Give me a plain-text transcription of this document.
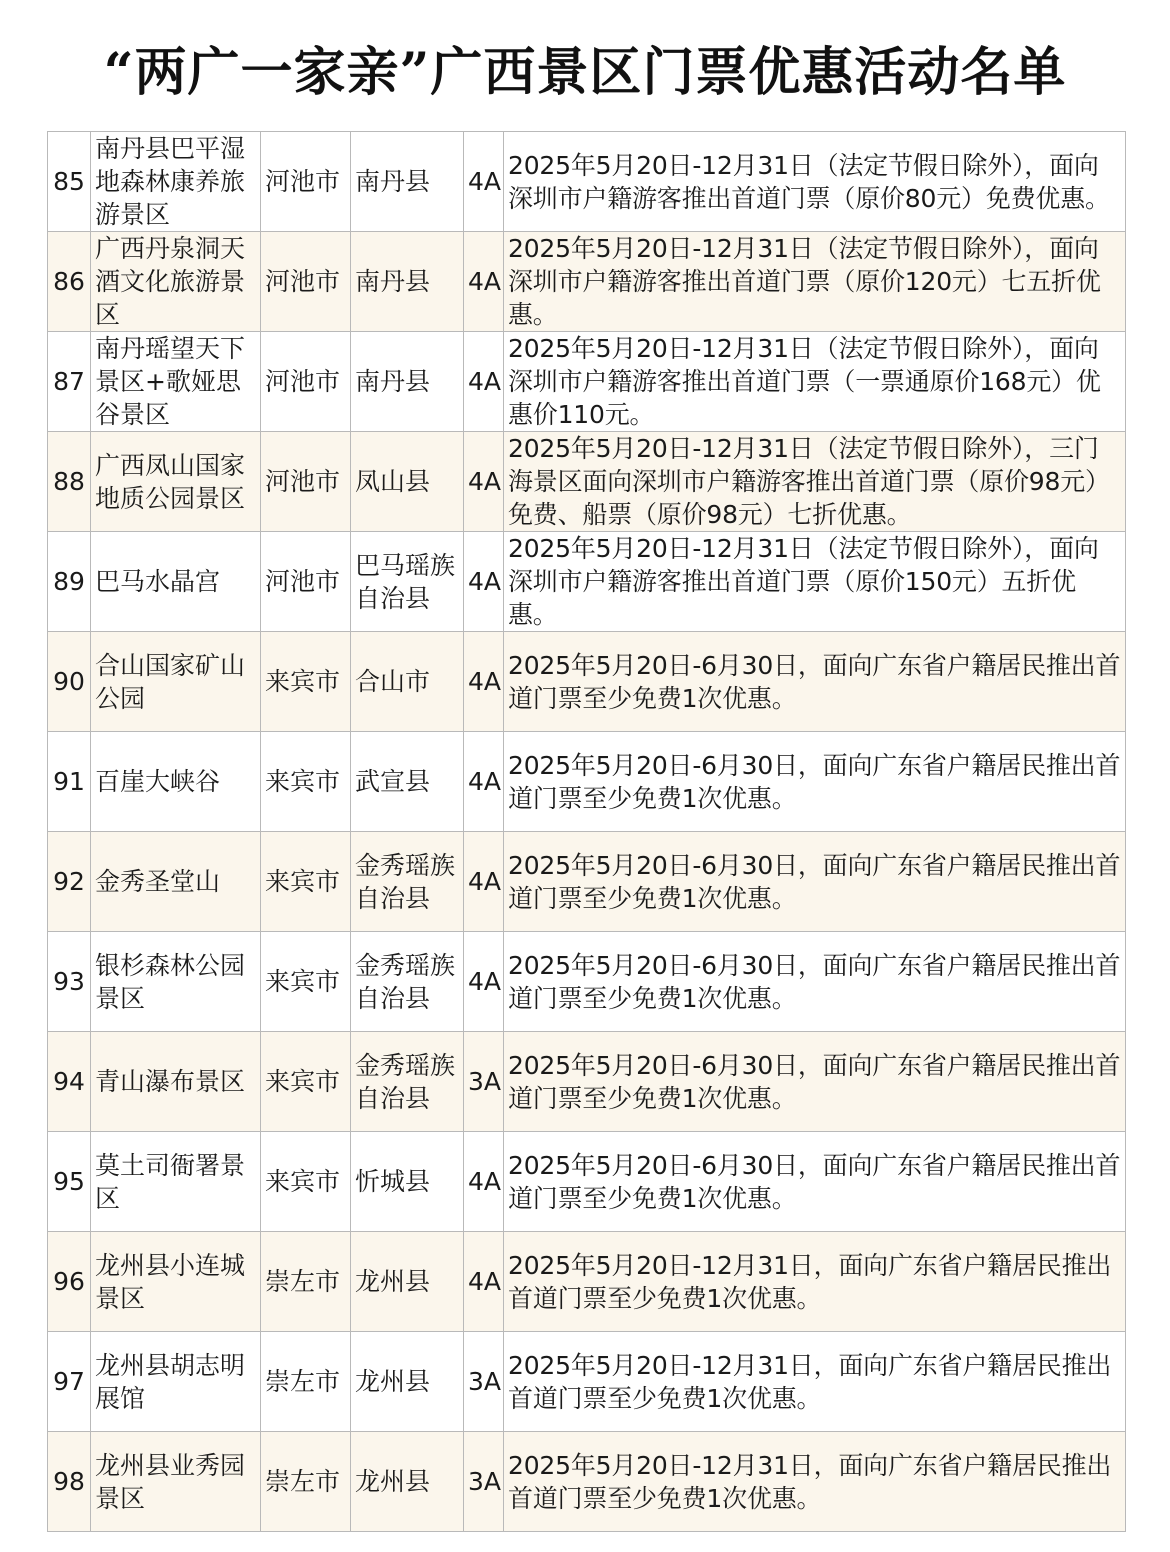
“两广一家亲”广西景区门票优惠活动名单
85	南丹县巴平湿地森林康养旅游景区	河池市	南丹县	4A	2025年5月20日-12月31日（法定节假日除外），面向深圳市户籍游客推出首道门票（原价80元）免费优惠。
86	广西丹泉洞天酒文化旅游景区	河池市	南丹县	4A	2025年5月20日-12月31日（法定节假日除外），面向深圳市户籍游客推出首道门票（原价120元）七五折优惠。
87	南丹瑶望天下景区+歌娅思谷景区	河池市	南丹县	4A	2025年5月20日-12月31日（法定节假日除外），面向深圳市户籍游客推出首道门票（一票通原价168元）优惠价110元。
88	广西凤山国家地质公园景区	河池市	凤山县	4A	2025年5月20日-12月31日（法定节假日除外），三门海景区面向深圳市户籍游客推出首道门票（原价98元）免费、船票（原价98元）七折优惠。
89	巴马水晶宫	河池市	巴马瑶族自治县	4A	2025年5月20日-12月31日（法定节假日除外），面向深圳市户籍游客推出首道门票（原价150元）五折优惠。
90	合山国家矿山公园	来宾市	合山市	4A	2025年5月20日-6月30日，面向广东省户籍居民推出首道门票至少免费1次优惠。
91	百崖大峡谷	来宾市	武宣县	4A	2025年5月20日-6月30日，面向广东省户籍居民推出首道门票至少免费1次优惠。
92	金秀圣堂山	来宾市	金秀瑶族自治县	4A	2025年5月20日-6月30日，面向广东省户籍居民推出首道门票至少免费1次优惠。
93	银杉森林公园景区	来宾市	金秀瑶族自治县	4A	2025年5月20日-6月30日，面向广东省户籍居民推出首道门票至少免费1次优惠。
94	青山瀑布景区	来宾市	金秀瑶族自治县	3A	2025年5月20日-6月30日，面向广东省户籍居民推出首道门票至少免费1次优惠。
95	莫土司衙署景区	来宾市	忻城县	4A	2025年5月20日-6月30日，面向广东省户籍居民推出首道门票至少免费1次优惠。
96	龙州县小连城景区	崇左市	龙州县	4A	2025年5月20日-12月31日，面向广东省户籍居民推出首道门票至少免费1次优惠。
97	龙州县胡志明展馆	崇左市	龙州县	3A	2025年5月20日-12月31日，面向广东省户籍居民推出首道门票至少免费1次优惠。
98	龙州县业秀园景区	崇左市	龙州县	3A	2025年5月20日-12月31日，面向广东省户籍居民推出首道门票至少免费1次优惠。
